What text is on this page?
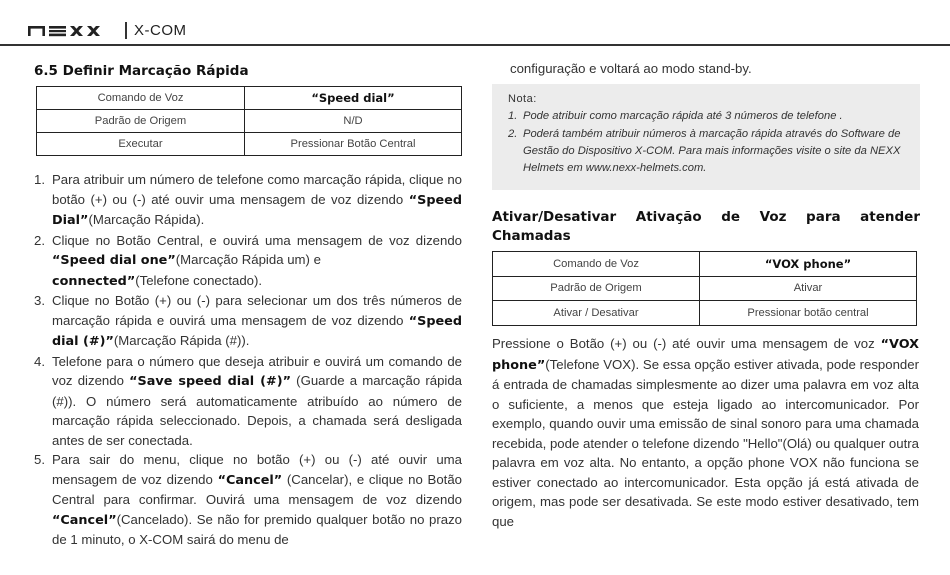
X-COM
6.5 Definir Marcação Rápida
Comando de Voz	“Speed dial”
Padrão de Origem	N/D
Executar	Pressionar Botão Central
1. Para atribuir um número de telefone como marcação rápida, clique no botão (+) ou (-) até ouvir uma mensagem de voz dizendo “Speed Dial”(Marcação Rápida).
2. Clique no Botão Central, e ouvirá uma mensagem de voz dizendo “Speed dial one”(Marcação Rápida um) e
connected”(Telefone conectado).
3. Clique no Botão (+) ou (-) para selecionar um dos três números de marcação rápida e ouvirá uma mensagem de voz dizendo “Speed dial (#)”(Marcação Rápida (#)).
4. Telefone para o número que deseja atribuir e ouvirá um comando de voz dizendo “Save speed dial (#)” (Guarde a marcação rápida (#)). O número será automaticamente atribuído ao número de marcação rápida seleccionado. Depois, a chamada será desligada antes de ser conectada.
5. Para sair do menu, clique no botão (+) ou (-) até ouvir uma mensagem de voz dizendo “Cancel” (Cancelar), e clique no Botão Central para confirmar. Ouvirá uma mensagem de voz dizendo “Cancel”(Cancelado). Se não for premido qualquer botão no prazo de 1 minuto, o X-COM sairá do menu de
configuração e voltará ao modo stand-by.
Nota:
1. Pode atribuir como marcação rápida até 3 números de telefone .
2. Poderá também atribuir números à marcação rápida através do Software de Gestão do Dispositivo X-COM. Para mais informações visite o site da NEXX Helmets em www.nexx-helmets.com.
Ativar/Desativar Ativação de Voz para atender
Chamadas
Comando de Voz	“VOX phone”
Padrão de Origem	Ativar
Ativar / Desativar	Pressionar botão central

Pressione o Botão (+) ou (-) até ouvir uma mensagem de voz “VOX phone”(Telefone VOX). Se essa opção estiver ativada, pode responder á entrada de chamadas simplesmente ao dizer uma palavra em voz alta o suficiente, a menos que esteja ligado ao intercomunicador. Por exemplo, quando ouvir uma emissão de sinal sonoro para uma chamada recebida, pode atender o telefone dizendo "Hello"(Olá) ou qualquer outra palavra em voz alta. No entanto, a opção phone VOX não funciona se estiver conectado ao intercomunicador. Esta opção já está ativada de origem, mas pode ser desativada. Se este modo estiver desativado, tem que
